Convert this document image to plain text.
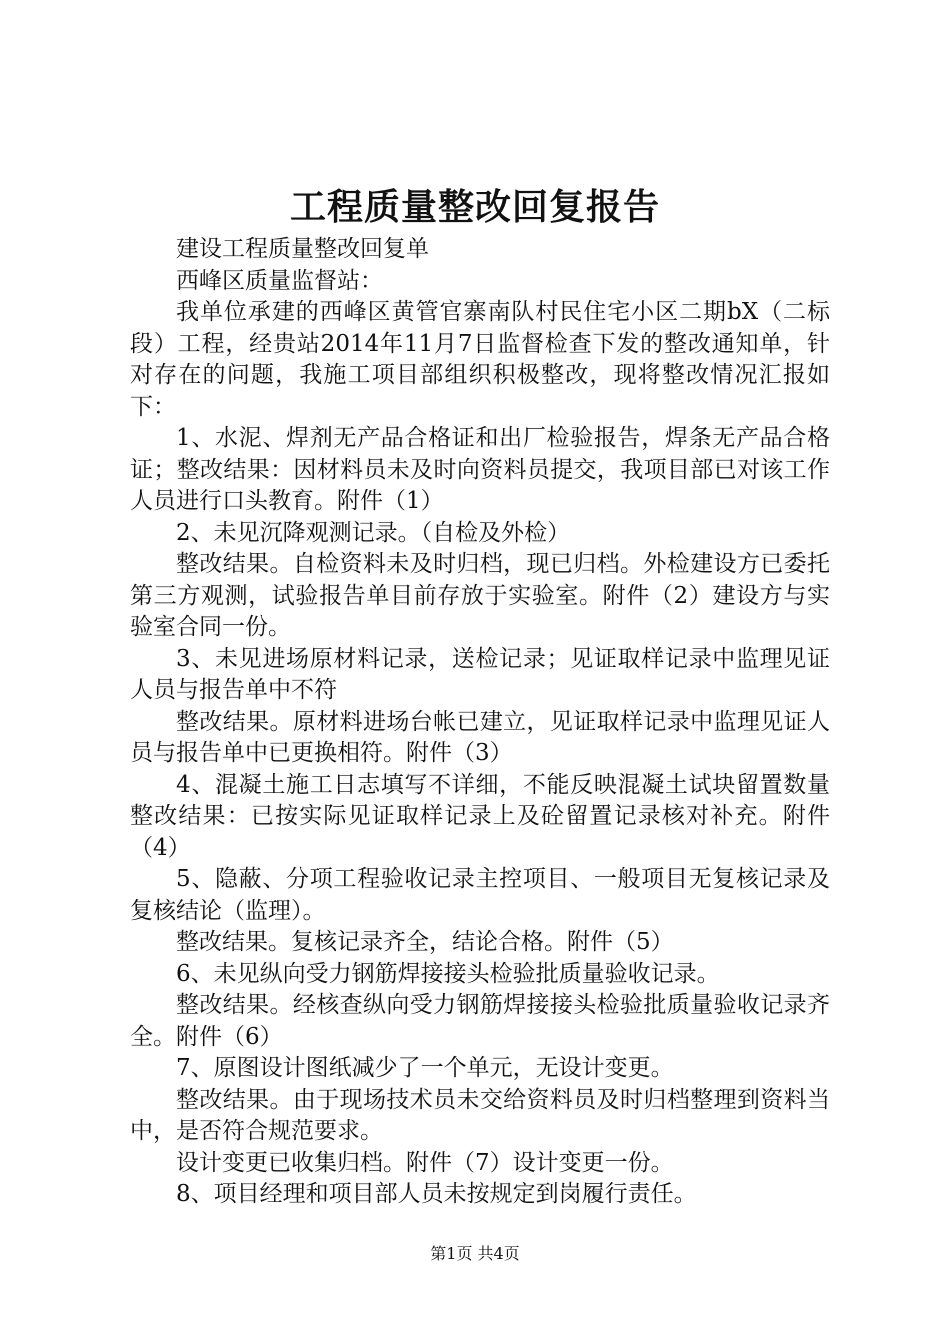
工程质量整改回复报告

建设工程质量整改回复单

西峰区质量监督站：

我单位承建的西峰区黄管官寨南队村民住宅小区二期bX（二标段）工程，经贵站2014年11月7日监督检查下发的整改通知单，针对存在的问题，我施工项目部组织积极整改，现将整改情况汇报如下：

1、水泥、焊剂无产品合格证和出厂检验报告，焊条无产品合格证；整改结果：因材料员未及时向资料员提交，我项目部已对该工作人员进行口头教育。附件（1）

2、未见沉降观测记录。（自检及外检）

整改结果。自检资料未及时归档，现已归档。外检建设方已委托第三方观测，试验报告单目前存放于实验室。附件（2）建设方与实验室合同一份。

3、未见进场原材料记录，送检记录；见证取样记录中监理见证人员与报告单中不符

整改结果。原材料进场台帐已建立，见证取样记录中监理见证人员与报告单中已更换相符。附件（3）

4、混凝土施工日志填写不详细，不能反映混凝土试块留置数量整改结果：已按实际见证取样记录上及砼留置记录核对补充。附件（4）

5、隐蔽、分项工程验收记录主控项目、一般项目无复核记录及复核结论（监理）。

整改结果。复核记录齐全，结论合格。附件（5）

6、未见纵向受力钢筋焊接接头检验批质量验收记录。

整改结果。经核查纵向受力钢筋焊接接头检验批质量验收记录齐全。附件（6）

7、原图设计图纸减少了一个单元，无设计变更。

整改结果。由于现场技术员未交给资料员及时归档整理到资料当中，是否符合规范要求。

设计变更已收集归档。附件（7）设计变更一份。

8、项目经理和项目部人员未按规定到岗履行责任。

第1页 共4页
